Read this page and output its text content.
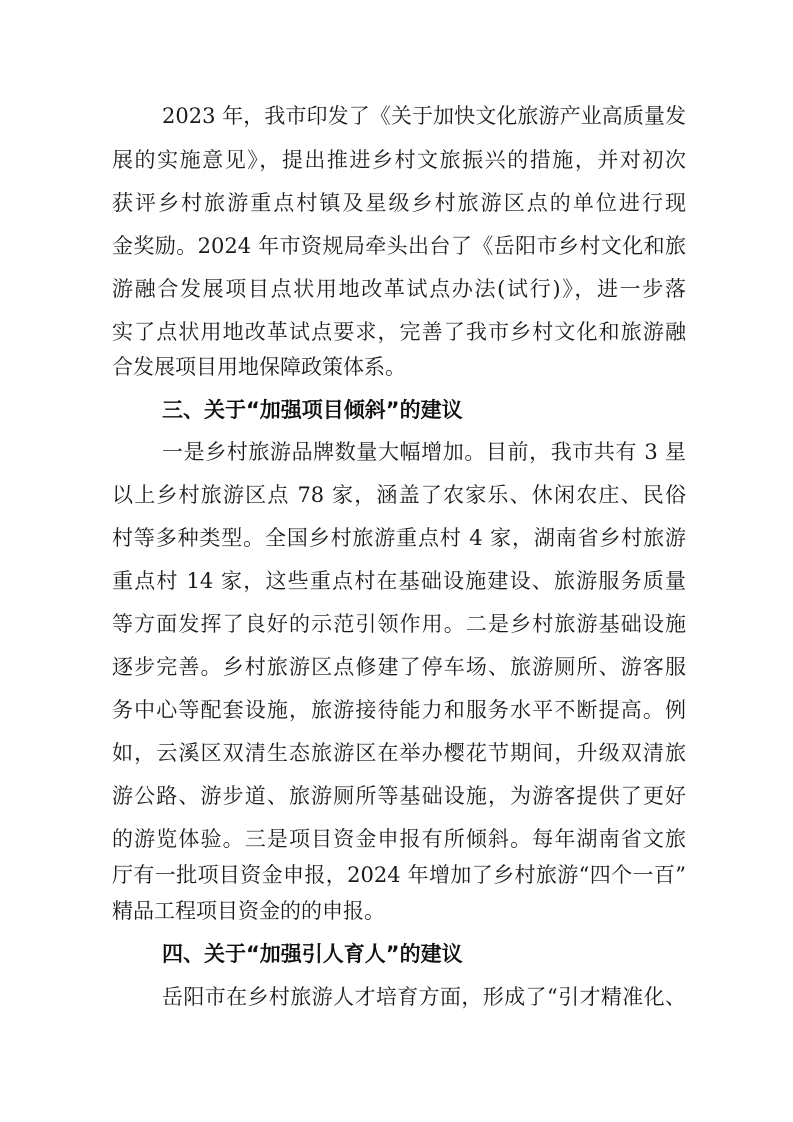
2023 年，我市印发了《关于加快文化旅游产业高质量发
展的实施意见》，提出推进乡村文旅振兴的措施，并对初次
获评乡村旅游重点村镇及星级乡村旅游区点的单位进行现
金奖励。2024 年市资规局牵头出台了《岳阳市乡村文化和旅
游融合发展项目点状用地改革试点办法(试行)》，进一步落
实了点状用地改革试点要求，完善了我市乡村文化和旅游融
合发展项目用地保障政策体系。
三、关于“加强项目倾斜”的建议
一是乡村旅游品牌数量大幅增加。目前，我市共有 3 星
以上乡村旅游区点 78 家，涵盖了农家乐、休闲农庄、民俗
村等多种类型。全国乡村旅游重点村 4 家，湖南省乡村旅游
重点村 14 家，这些重点村在基础设施建设、旅游服务质量
等方面发挥了良好的示范引领作用。二是乡村旅游基础设施
逐步完善。乡村旅游区点修建了停车场、旅游厕所、游客服
务中心等配套设施，旅游接待能力和服务水平不断提高。例
如，云溪区双清生态旅游区在举办樱花节期间，升级双清旅
游公路、游步道、旅游厕所等基础设施，为游客提供了更好
的游览体验。三是项目资金申报有所倾斜。每年湖南省文旅
厅有一批项目资金申报，2024 年增加了乡村旅游“四个一百”
精品工程项目资金的的申报。
四、关于“加强引人育人”的建议
岳阳市在乡村旅游人才培育方面，形成了“引才精准化、
